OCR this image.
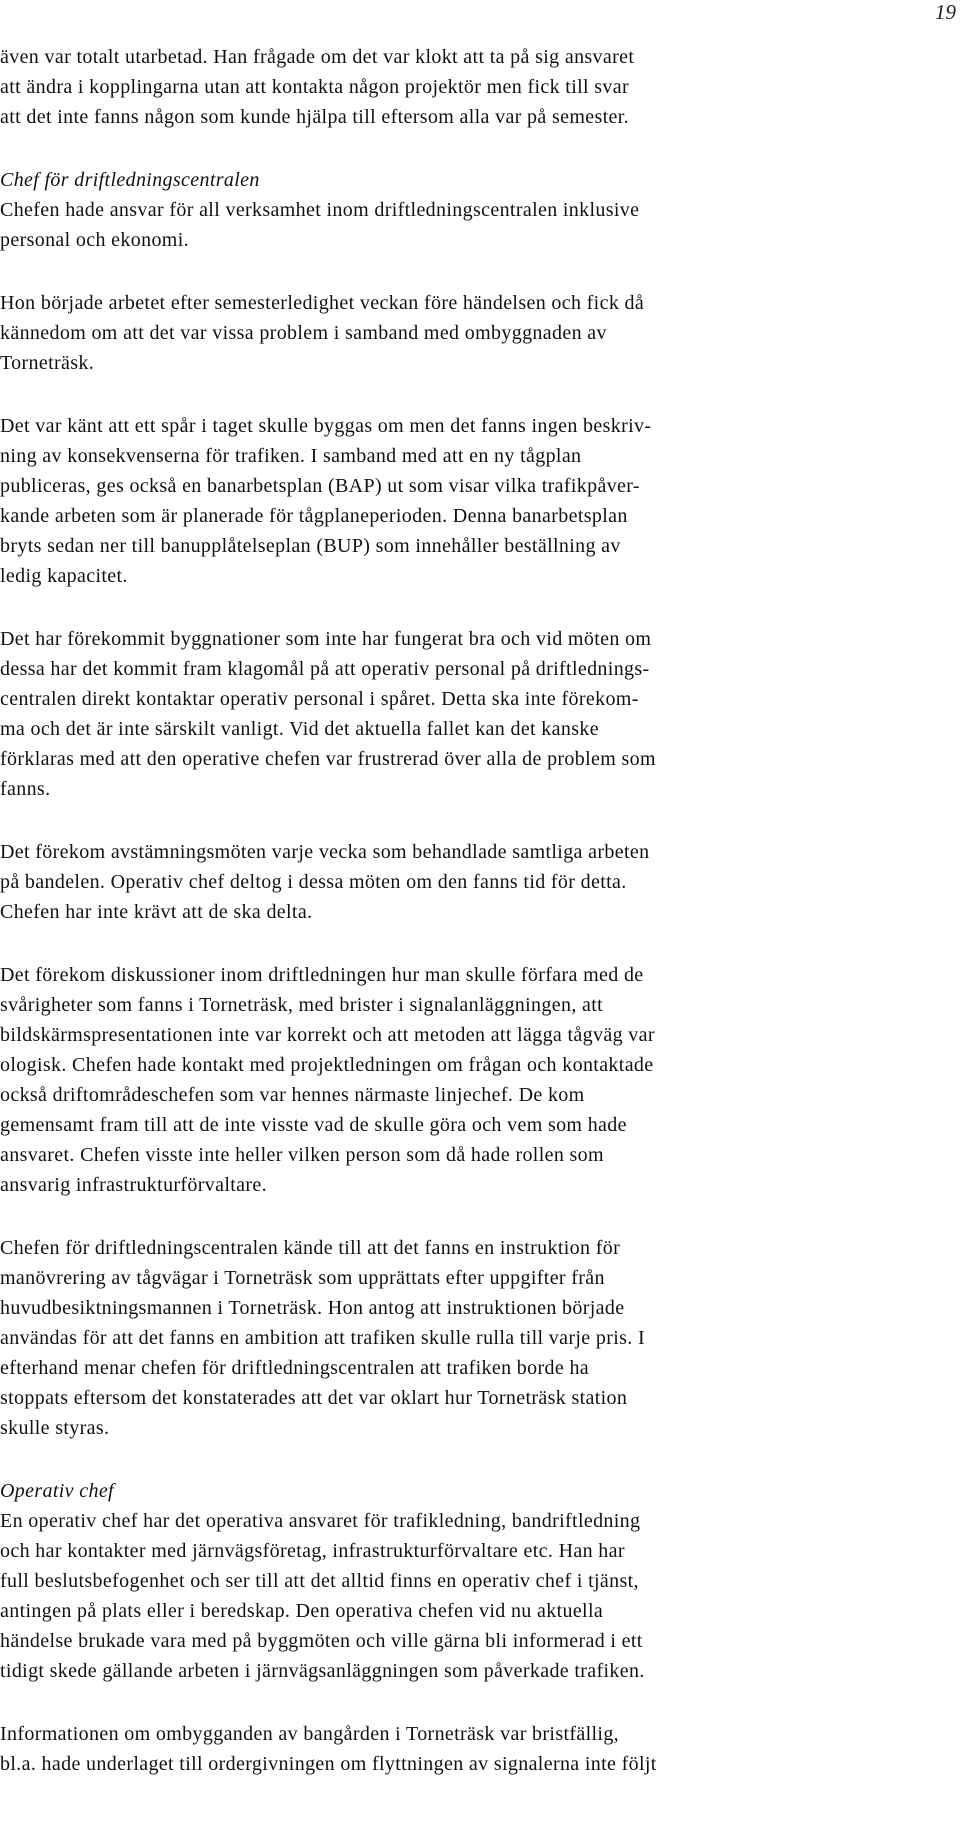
19
även var totalt utarbetad. Han frågade om det var klokt att ta på sig ansvaret
att ändra i kopplingarna utan att kontakta någon projektör men fick till svar
att det inte fanns någon som kunde hjälpa till eftersom alla var på semester.
Chef för driftledningscentralen
Chefen hade ansvar för all verksamhet inom driftledningscentralen inklusive
personal och ekonomi.
Hon började arbetet efter semesterledighet veckan före händelsen och fick då
kännedom om att det var vissa problem i samband med ombyggnaden av
Torneträsk.
Det var känt att ett spår i taget skulle byggas om men det fanns ingen beskriv-
ning av konsekvenserna för trafiken. I samband med att en ny tågplan
publiceras, ges också en banarbetsplan (BAP) ut som visar vilka trafikpåver-
kande arbeten som är planerade för tågplaneperioden. Denna banarbetsplan
bryts sedan ner till banupplåtelseplan (BUP) som innehåller beställning av
ledig kapacitet.
Det har förekommit byggnationer som inte har fungerat bra och vid möten om
dessa har det kommit fram klagomål på att operativ personal på driftlednings-
centralen direkt kontaktar operativ personal i spåret. Detta ska inte förekom-
ma och det är inte särskilt vanligt. Vid det aktuella fallet kan det kanske
förklaras med att den operative chefen var frustrerad över alla de problem som
fanns.
Det förekom avstämningsmöten varje vecka som behandlade samtliga arbeten
på bandelen. Operativ chef deltog i dessa möten om den fanns tid för detta.
Chefen har inte krävt att de ska delta.
Det förekom diskussioner inom driftledningen hur man skulle förfara med de
svårigheter som fanns i Torneträsk, med brister i signalanläggningen, att
bildskärmspresentationen inte var korrekt och att metoden att lägga tågväg var
ologisk. Chefen hade kontakt med projektledningen om frågan och kontaktade
också driftområdeschefen som var hennes närmaste linjechef. De kom
gemensamt fram till att de inte visste vad de skulle göra och vem som hade
ansvaret. Chefen visste inte heller vilken person som då hade rollen som
ansvarig infrastrukturförvaltare.
Chefen för driftledningscentralen kände till att det fanns en instruktion för
manövrering av tågvägar i Torneträsk som upprättats efter uppgifter från
huvudbesiktningsmannen i Torneträsk. Hon antog att instruktionen började
användas för att det fanns en ambition att trafiken skulle rulla till varje pris. I
efterhand menar chefen för driftledningscentralen att trafiken borde ha
stoppats eftersom det konstaterades att det var oklart hur Torneträsk station
skulle styras.
Operativ chef
En operativ chef har det operativa ansvaret för trafikledning, bandriftledning
och har kontakter med järnvägsföretag, infrastrukturförvaltare etc. Han har
full beslutsbefogenhet och ser till att det alltid finns en operativ chef i tjänst,
antingen på plats eller i beredskap. Den operativa chefen vid nu aktuella
händelse brukade vara med på byggmöten och ville gärna bli informerad i ett
tidigt skede gällande arbeten i järnvägsanläggningen som påverkade trafiken.
Informationen om ombygganden av bangården i Torneträsk var bristfällig,
bl.a. hade underlaget till ordergivningen om flyttningen av signalerna inte följt
